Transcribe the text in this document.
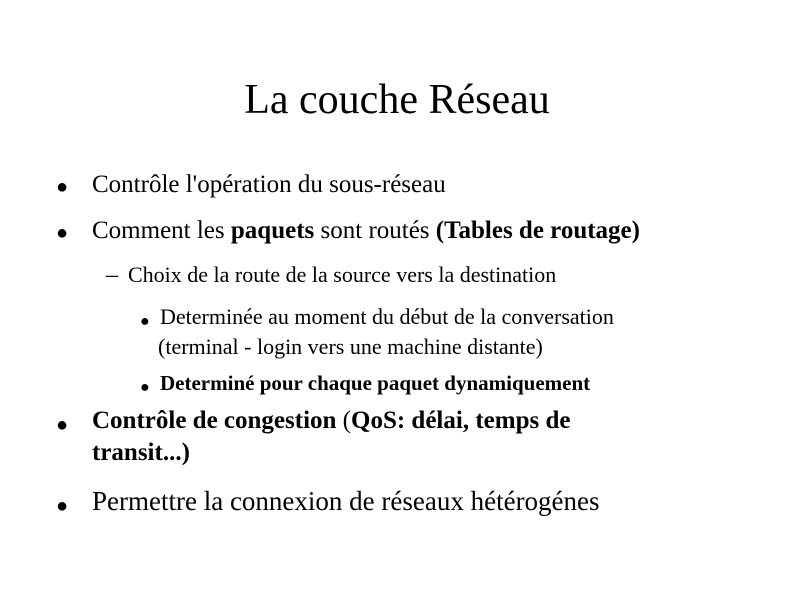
La couche Réseau
● Contrôle l'opération du sous-réseau
● Comment les paquets sont routés (Tables de routage)
– Choix de la route de la source vers la destination
● Determinée au moment du début de la conversation
(terminal - login vers une machine distante)
● Determiné pour chaque paquet dynamiquement
● Contrôle de congestion (QoS: délai, temps de
transit...)
● Permettre la connexion de réseaux hétérogénes
